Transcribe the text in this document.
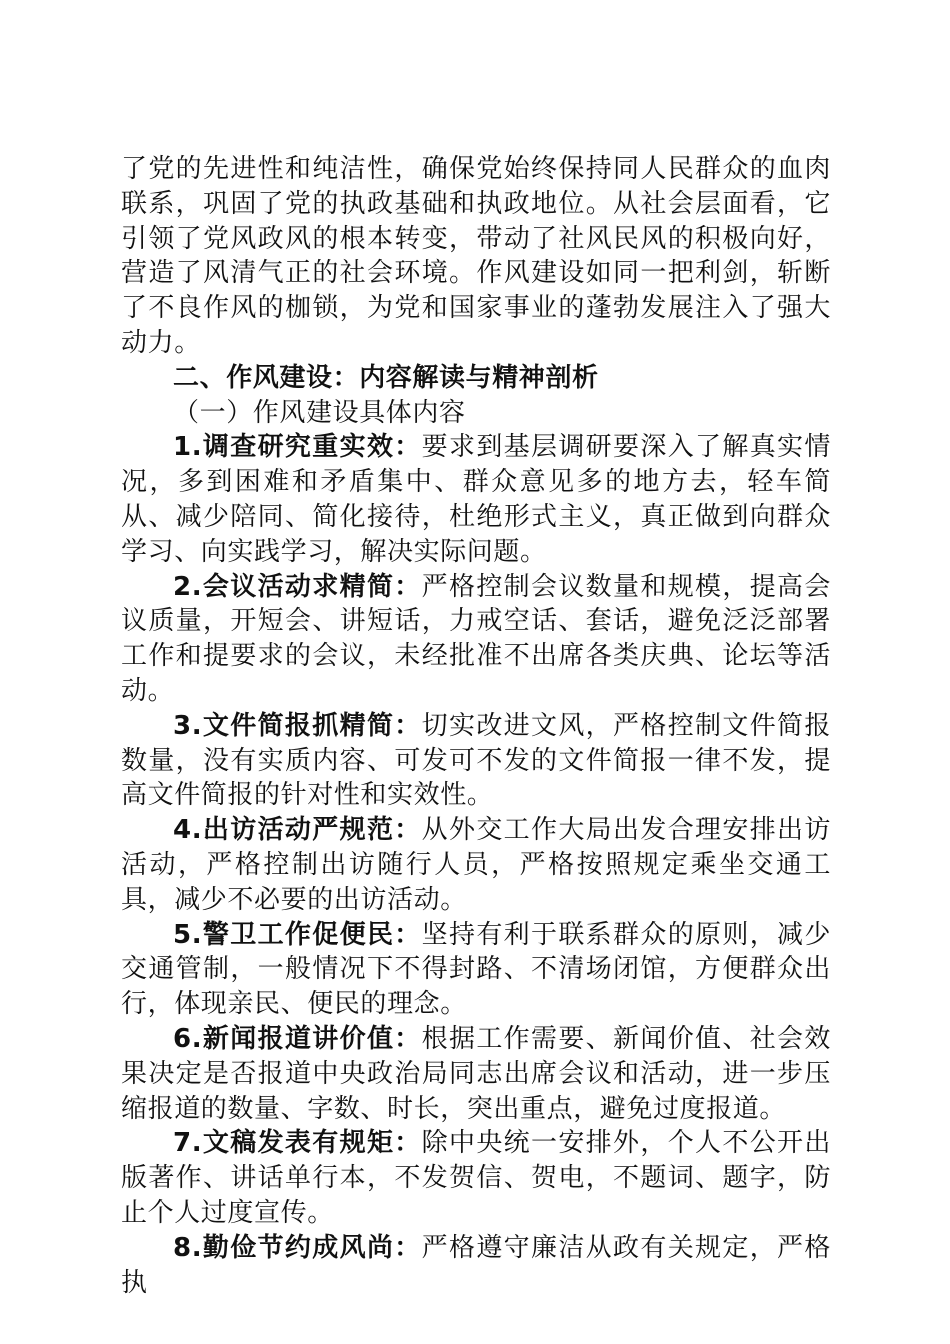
了党的先进性和纯洁性，确保党始终保持同人民群众的血肉联系，巩固了党的执政基础和执政地位。从社会层面看，它引领了党风政风的根本转变，带动了社风民风的积极向好，营造了风清气正的社会环境。作风建设如同一把利剑，斩断了不良作风的枷锁，为党和国家事业的蓬勃发展注入了强大动力。

二、作风建设：内容解读与精神剖析

（一）作风建设具体内容

1.调查研究重实效：要求到基层调研要深入了解真实情况，多到困难和矛盾集中、群众意见多的地方去，轻车简从、减少陪同、简化接待，杜绝形式主义，真正做到向群众学习、向实践学习，解决实际问题。

2.会议活动求精简：严格控制会议数量和规模，提高会议质量，开短会、讲短话，力戒空话、套话，避免泛泛部署工作和提要求的会议，未经批准不出席各类庆典、论坛等活动。

3.文件简报抓精简：切实改进文风，严格控制文件简报数量，没有实质内容、可发可不发的文件简报一律不发，提高文件简报的针对性和实效性。

4.出访活动严规范：从外交工作大局出发合理安排出访活动，严格控制出访随行人员，严格按照规定乘坐交通工具，减少不必要的出访活动。

5.警卫工作促便民：坚持有利于联系群众的原则，减少交通管制，一般情况下不得封路、不清场闭馆，方便群众出行，体现亲民、便民的理念。

6.新闻报道讲价值：根据工作需要、新闻价值、社会效果决定是否报道中央政治局同志出席会议和活动，进一步压缩报道的数量、字数、时长，突出重点，避免过度报道。

7.文稿发表有规矩：除中央统一安排外，个人不公开出版著作、讲话单行本，不发贺信、贺电，不题词、题字，防止个人过度宣传。

8.勤俭节约成风尚：严格遵守廉洁从政有关规定，严格执
